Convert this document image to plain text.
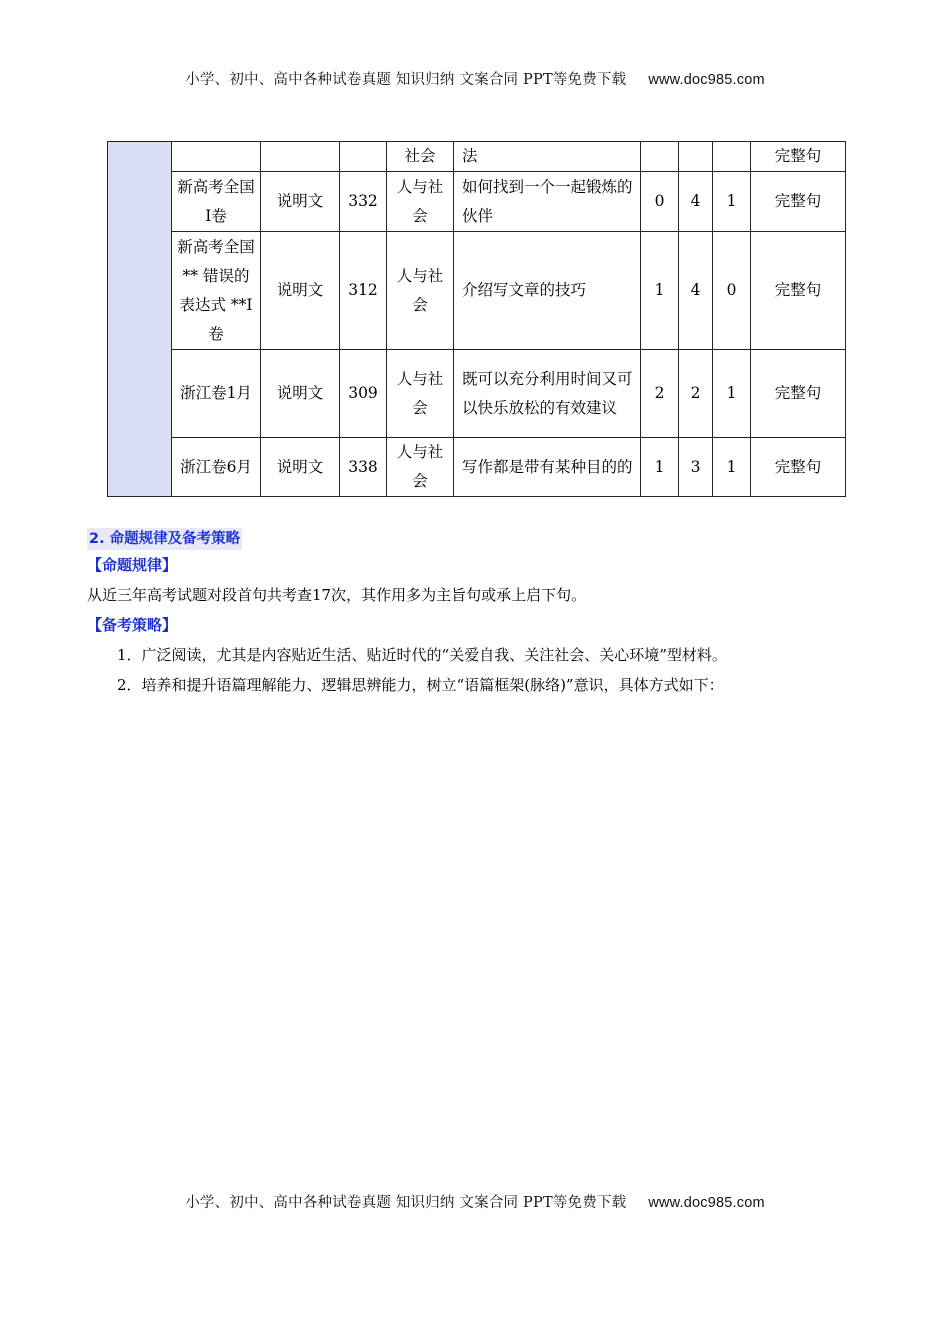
小学、初中、高中各种试卷真题 知识归纳 文案合同 PPT等免费下载 www.doc985.com
				社会	法				完整句
	新高考全国I卷	说明文	332	人与社会	如何找到一个一起锻炼的伙伴	0	4	1	完整句
	新高考全国** 错误的表达式 **I 卷	说明文	312	人与社会	介绍写文章的技巧	1	4	0	完整句
	浙江卷1月	说明文	309	人与社会	既可以充分利用时间又可以快乐放松的有效建议	2	2	1	完整句
	浙江卷6月	说明文	338	人与社会	写作都是带有某种目的的	1	3	1	完整句
2. 命题规律及备考策略
【命题规律】
从近三年高考试题对段首句共考查17次，其作用多为主旨句或承上启下句。
【备考策略】
1．广泛阅读，尤其是内容贴近生活、贴近时代的“关爱自我、关注社会、关心环境”型材料。
2．培养和提升语篇理解能力、逻辑思辨能力，树立“语篇框架(脉络)”意识，具体方式如下：
小学、初中、高中各种试卷真题 知识归纳 文案合同 PPT等免费下载 www.doc985.com
